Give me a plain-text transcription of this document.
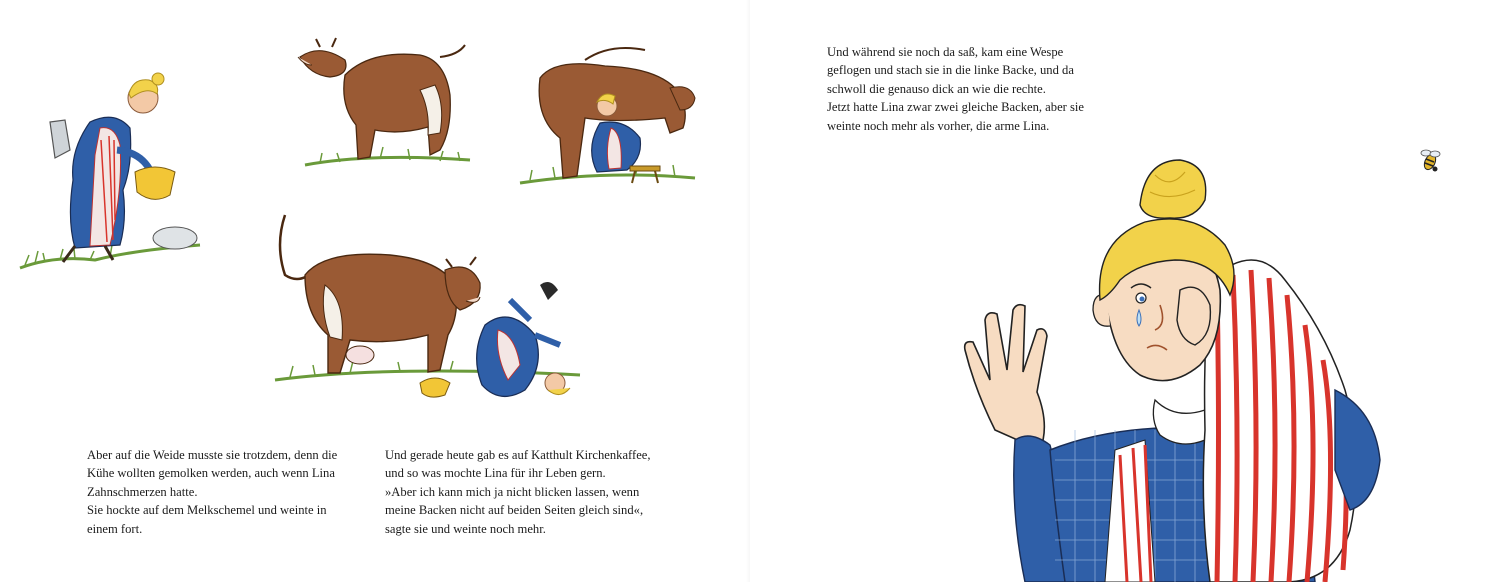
Aber auf die Weide musste sie trotzdem, denn die
Kühe wollten gemolken werden, auch wenn Lina
Zahnschmerzen hatte.
Sie hockte auf dem Melkschemel und weinte in
einem fort.

Und gerade heute gab es auf Katthult Kirchenkaffee,
und so was mochte Lina für ihr Leben gern.
»Aber ich kann mich ja nicht blicken lassen, wenn
meine Backen nicht auf beiden Seiten gleich sind«,
sagte sie und weinte noch mehr.

Und während sie noch da saß, kam eine Wespe
geflogen und stach sie in die linke Backe, und da
schwoll die genauso dick an wie die rechte.
Jetzt hatte Lina zwar zwei gleiche Backen, aber sie
weinte noch mehr als vorher, die arme Lina.
